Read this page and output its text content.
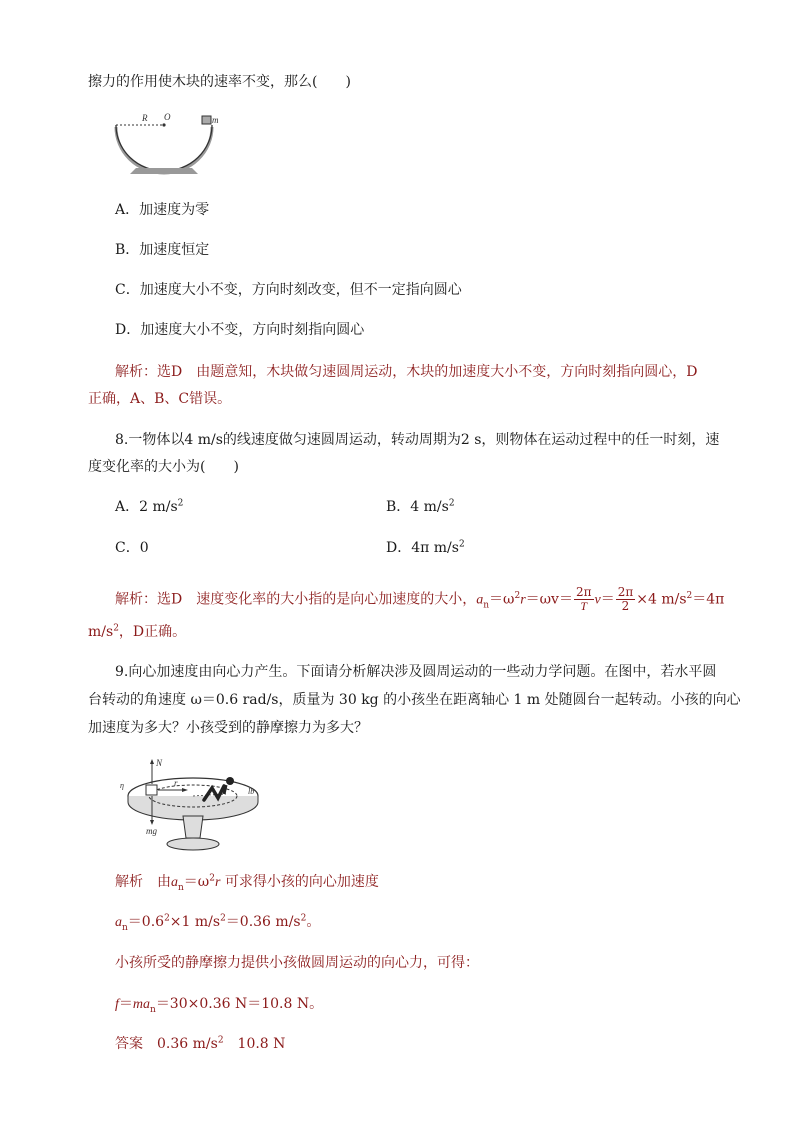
擦力的作用使木块的速率不变，那么(　　)
R O	m
A．加速度为零
B．加速度恒定
C．加速度大小不变，方向时刻改变，但不一定指向圆心
D．加速度大小不变，方向时刻指向圆心
解析：选D　由题意知，木块做匀速圆周运动，木块的加速度大小不变，方向时刻指向圆心，D
正确，A、B、C错误。
8.一物体以4 m/s的线速度做匀速圆周运动，转动周期为2 s，则物体在运动过程中的任一时刻，速
度变化率的大小为(　　)
A．2 $m/s^2$	B．4 $m/s^2$
C．0	D．4π $m/s^2$
解析：选D　速度变化率的大小指的是向心加速度的大小，$a_n=\omega^2r=\omega v= \frac{2\pi}{T} v= \frac{2\pi}{2} \times 4$ $m/s^2=4\pi$
$m/s^2$，D正确。
9.向心加速度由向心力产生。下面请分析解决涉及圆周运动的一些动力学问题。在图中，若水平圆
台转动的角速度 ω＝0.6 rad/s，质量为 30 kg 的小孩坐在距离轴心 1 m 处随圆台一起转动。小孩的向心
加速度为多大？小孩受到的静摩擦力为多大？
N
mg
r
η
lb
解析　由$a_n=\omega^2r$ 可求得小孩的向心加速度
$a_n=0.6^2\times 1$ $m/s^2=0.36$ $m/s^2$。
小孩所受的静摩擦力提供小孩做圆周运动的向心力，可得：
$f=ma_n=30\times 0.36$ N＝10.8 N。
答案　 0.36 $m/s^2$　 10.8 N
